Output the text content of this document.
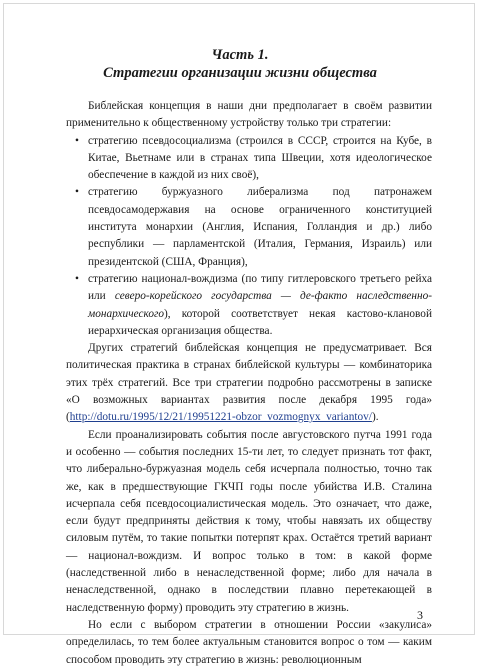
Часть 1.
Стратегии организации жизни общества

Библейская концепция в наши дни предполагает в своём развитии применительно к общественному устройству только три стратегии:

• стратегию псевдосоциализма (строился в СССР, строится на Кубе, в Китае, Вьетнаме или в странах типа Швеции, хотя идеологическое обеспечение в каждой из них своё),

• стратегию буржуазного либерализма под патронажем псевдосамодержавия на основе ограниченного конституцией института монархии (Англия, Испания, Голландия и др.) либо республики — парламентской (Италия, Германия, Израиль) или президентской (США, Франция),

• стратегию национал-вождизма (по типу гитлеровского третьего рейха или северо-корейского государства — де-факто наследственно-монархического), которой соответствует некая кастово-клановой иерархическая организация общества.

Других стратегий библейская концепция не предусматривает. Вся политическая практика в странах библейской культуры — комбинаторика этих трёх стратегий. Все три стратегии подробно рассмотрены в записке «О возможных вариантах развития после декабря 1995 года» (http://dotu.ru/1995/12/21/19951221-obzor_vozmognyx_variantov/).

Если проанализировать события после августовского путча 1991 года и особенно — события последних 15-ти лет, то следует признать тот факт, что либерально-буржуазная модель себя исчерпала полностью, точно так же, как в предшествующие ГКЧП годы после убийства И.В. Сталина исчерпала себя псевдосоциалистическая модель. Это означает, что даже, если будут предприняты действия к тому, чтобы навязать их обществу силовым путём, то такие попытки потерпят крах. Остаётся третий вариант — национал-вождизм. И вопрос только в том: в какой форме (наследственной либо в ненаследственной форме; либо для начала в ненаследственной, однако в последствии плавно перетекающей в наследственную форму) проводить эту стратегию в жизнь.

Но если с выбором стратегии в отношении России «закулиса» определилась, то тем более актуальным становится вопрос о том — каким способом проводить эту стратегию в жизнь: революционным

3
